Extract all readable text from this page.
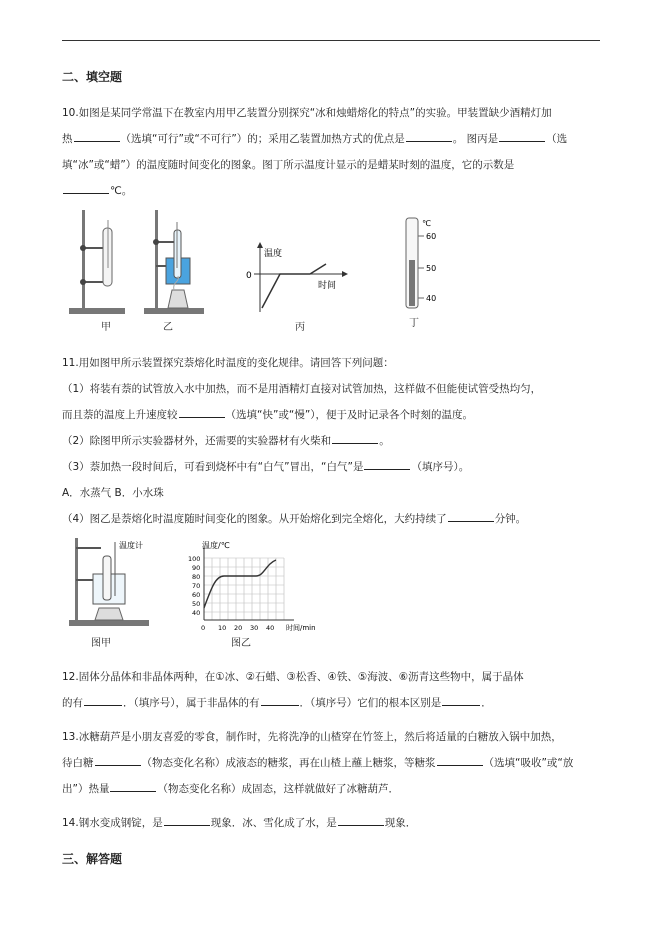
二、填空题
10.如图是某同学常温下在教室内用甲乙装置分别探究“冰和烛蜡熔化的特点”的实验。甲装置缺少酒精灯加
热	（选填“可行”或“不可行”）的；采用乙装置加热方式的优点是	。 图丙是	（选
填“冰”或“蜡”）的温度随时间变化的图象。图丁所示温度计显示的是蜡某时刻的温度，它的示数是
℃。
甲	乙
温度
0
时间
丙
℃
60
50
40
丁
11.用如图甲所示装置探究萘熔化时温度的变化规律。请回答下列问题：
（1）将装有萘的试管放入水中加热，而不是用酒精灯直接对试管加热，这样做不但能使试管受热均匀，
而且萘的温度上升速度较	（选填“快”或“慢”），便于及时记录各个时刻的温度。
（2）除图甲所示实验器材外，还需要的实验器材有火柴和	。
（3）萘加热一段时间后，可看到烧杯中有“白气”冒出，“白气”是	（填序号）。
A．水蒸气 B．小水珠
（4）图乙是萘熔化时温度随时间变化的图象。从开始熔化到完全熔化，大约持续了	分钟。
温度计
图甲
温度/℃
100
90
80
70
60
50
40
0 10 20 30 40 时间/min
图乙
12.固体分晶体和非晶体两种，在①冰、②石蜡、③松香、④铁、⑤海波、⑥沥青这些物中，属于晶体
的有	．（填序号），属于非晶体的有	．（填序号）它们的根本区别是	．
13.冰糖葫芦是小朋友喜爱的零食，制作时，先将洗净的山楂穿在竹签上，然后将适量的白糖放入锅中加热，
待白糖	（物态变化名称）成液态的糖浆，再在山楂上蘸上糖浆，等糖浆	（选填“吸收”或“放
出”）热量	（物态变化名称）成固态，这样就做好了冰糖葫芦．
14.钢水变成钢锭，是	现象．冰、雪化成了水，是	现象．
三、解答题
